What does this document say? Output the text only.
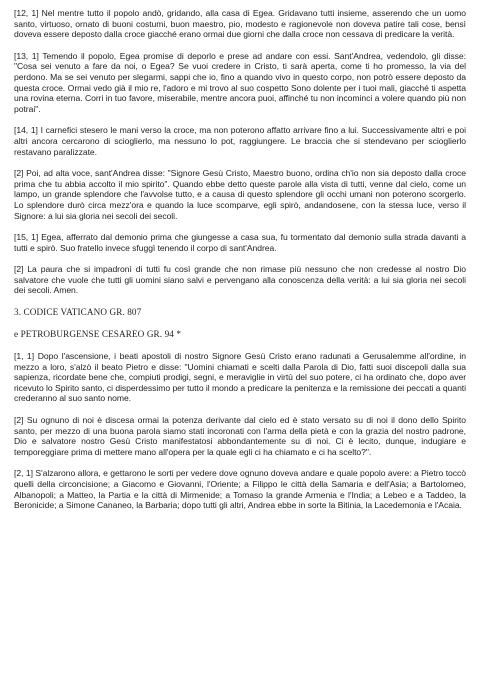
[12, 1] Nel mentre tutto il popolo andò, gridando, alla casa di Egea. Gridavano tutti insieme, asserendo che un uomo santo, virtuoso, ornato di buoni costumi, buon maestro, pio, modesto e ragionevole non doveva patire tali cose, bensì doveva essere deposto dalla croce giacché erano ormai due giorni che dalla croce non cessava di predicare la verità.

[13, 1] Temendo il popolo, Egea promise di deporlo e prese ad andare con essi. Sant'Andrea, vedendolo, gli disse: "Cosa sei venuto a fare da noi, o Egea? Se vuoi credere in Cristo, ti sarà aperta, come ti ho promesso, la via del perdono. Ma se sei venuto per slegarmi, sappi che io, fino a quando vivo in questo corpo, non potrò essere deposto da questa croce. Ormai vedo già il mio re, l'adoro e mi trovo al suo cospetto Sono dolente per i tuoi mali, giacché ti aspetta una rovina eterna. Corri in tuo favore, miserabile, mentre ancora puoi, affinché tu non incominci a volere quando più non potrai".

[14, 1] I carnefici stesero le mani verso la croce, ma non poterono affatto arrivare fino a lui. Successivamente altri e poi altri ancora cercarono di scioglierlo, ma nessuno lo pot, raggiungere. Le braccia che si stendevano per scioglierlo restavano paralizzate.

[2] Poi, ad alta voce, sant'Andrea disse: "Signore Gesù Cristo, Maestro buono, ordina ch'io non sia deposto dalla croce prima che tu abbia accolto il mio spirito". Quando ebbe detto queste parole alla vista di tutti, venne dal cielo, come un lampo, un grande splendore che l'avvolse tutto, e a causa di questo splendore gli occhi umani non poterono scorgerlo. Lo splendore durò circa mezz'ora e quando la luce scomparve, egli spirò, andandosene, con la stessa luce, verso il Signore: a lui sia gloria nei secoli dei secoli.

[15, 1] Egea, afferrato dal demonio prima che giungesse a casa sua, fu tormentato dal demonio sulla strada davanti a tutti e spirò. Suo fratello invece sfuggì tenendo il corpo di sant'Andrea.

[2] La paura che si impadronì di tutti fu così grande che non rimase più nessuno che non credesse al nostro Dio salvatore che vuole che tutti gli uomini siano salvi e pervengano alla conoscenza della verità: a lui sia gloria nei secoli dei secoli. Amen.

3. CODICE VATICANO GR. 807
e PETROBURGENSE CESAREO GR. 94 *

[1, 1] Dopo l'ascensione, i beati apostoli di nostro Signore Gesù Cristo erano radunati a Gerusalemme all'ordine, in mezzo a loro, s'alzò il beato Pietro e disse: "Uomini chiamati e scelti dalla Parola di Dio, fatti suoi discepoli dalla sua sapienza, ricordate bene che, compiuti prodigi, segni, e meraviglie in virtù del suo potere, ci ha ordinato che, dopo aver ricevuto lo Spirito santo, ci disperdessimo per tutto il mondo a predicare la penitenza e la remissione dei peccati a quanti crederanno al suo santo nome.

[2] Su ognuno di noi è discesa ormai la potenza derivante dal cielo ed è stato versato su di noi il dono dello Spirito santo, per mezzo di una buona parola siamo stati incoronati con l'arma della pietà e con la grazia del nostro padrone, Dio e salvatore nostro Gesù Cristo manifestatosi abbondantemente su di noi. Ci è lecito, dunque, indugiare e temporeggiare prima di mettere mano all'opera per la quale egli ci ha chiamato e ci ha scelto?".

[2, 1] S'alzarono allora, e gettarono le sorti per vedere dove ognuno doveva andare e quale popolo avere: a Pietro toccò quelli della circoncisione; a Giacomo e Giovanni, l'Oriente; a Filippo le città della Samaria e dell'Asia; a Bartolomeo, Albanopoli; a Matteo, la Partia e la città di Mirmenide; a Tomaso la grande Armenia e l'India; a Lebeo e a Taddeo, la Beronicide; a Simone Cananeo, la Barbaria; dopo tutti gli altri, Andrea ebbe in sorte la Bitinia, la Lacedemonia e l'Acaia.
